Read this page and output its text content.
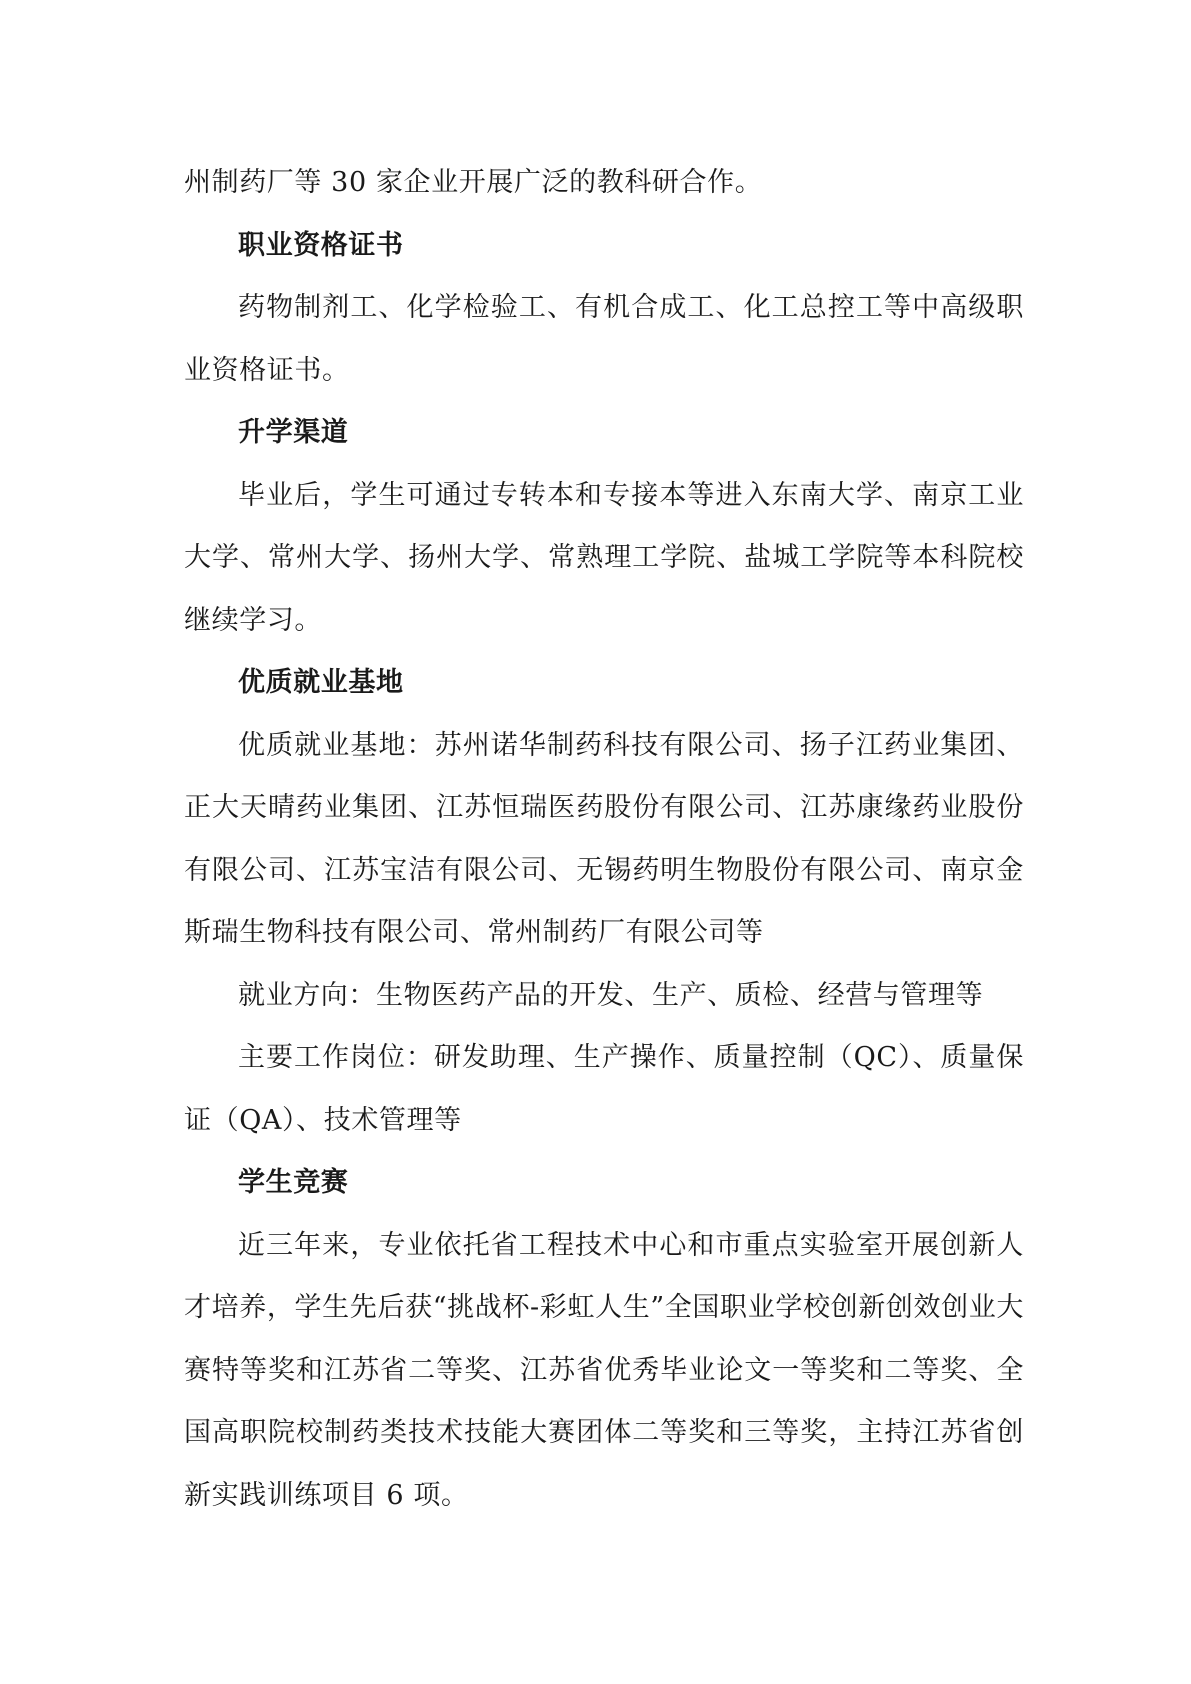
州制药厂等 30 家企业开展广泛的教科研合作。

职业资格证书

药物制剂工、化学检验工、有机合成工、化工总控工等中高级职业资格证书。

升学渠道

毕业后，学生可通过专转本和专接本等进入东南大学、南京工业大学、常州大学、扬州大学、常熟理工学院、盐城工学院等本科院校继续学习。

优质就业基地

优质就业基地：苏州诺华制药科技有限公司、扬子江药业集团、正大天晴药业集团、江苏恒瑞医药股份有限公司、江苏康缘药业股份有限公司、江苏宝洁有限公司、无锡药明生物股份有限公司、南京金斯瑞生物科技有限公司、常州制药厂有限公司等

就业方向：生物医药产品的开发、生产、质检、经营与管理等

主要工作岗位：研发助理、生产操作、质量控制（QC）、质量保证（QA）、技术管理等

学生竞赛

近三年来，专业依托省工程技术中心和市重点实验室开展创新人才培养，学生先后获“挑战杯-彩虹人生”全国职业学校创新创效创业大赛特等奖和江苏省二等奖、江苏省优秀毕业论文一等奖和二等奖、全国高职院校制药类技术技能大赛团体二等奖和三等奖，主持江苏省创新实践训练项目 6 项。
